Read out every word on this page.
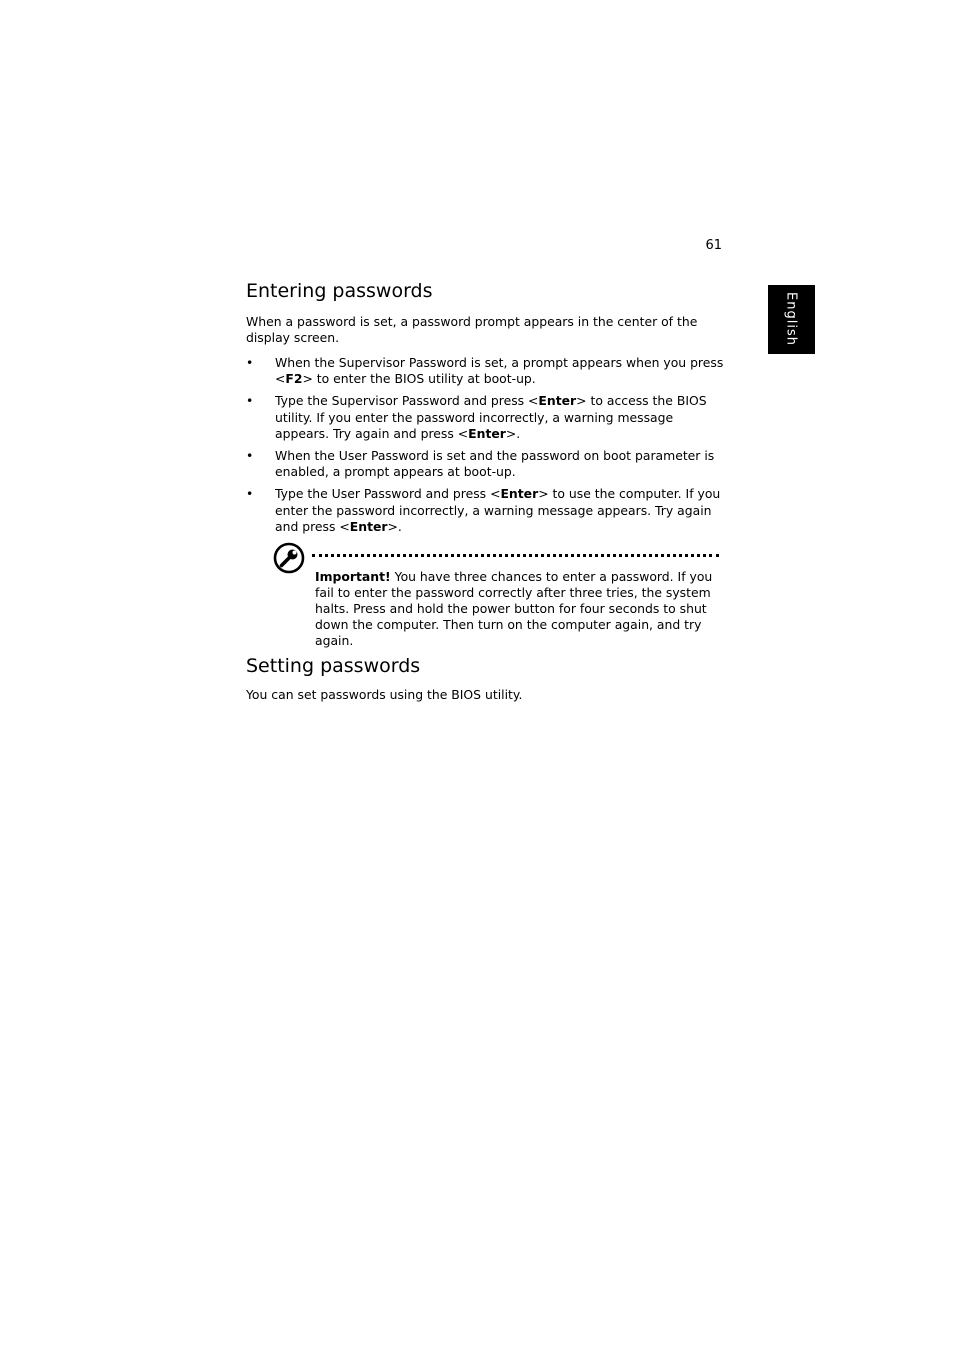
61
English
Entering passwords

When a password is set, a password prompt appears in the center of the display screen.

• When the Supervisor Password is set, a prompt appears when you press <F2> to enter the BIOS utility at boot-up.
• Type the Supervisor Password and press <Enter> to access the BIOS utility. If you enter the password incorrectly, a warning message appears. Try again and press <Enter>.
• When the User Password is set and the password on boot parameter is enabled, a prompt appears at boot-up.
• Type the User Password and press <Enter> to use the computer. If you enter the password incorrectly, a warning message appears. Try again and press <Enter>.

Important! You have three chances to enter a password. If you fail to enter the password correctly after three tries, the system halts. Press and hold the power button for four seconds to shut down the computer. Then turn on the computer again, and try again.

Setting passwords

You can set passwords using the BIOS utility.
